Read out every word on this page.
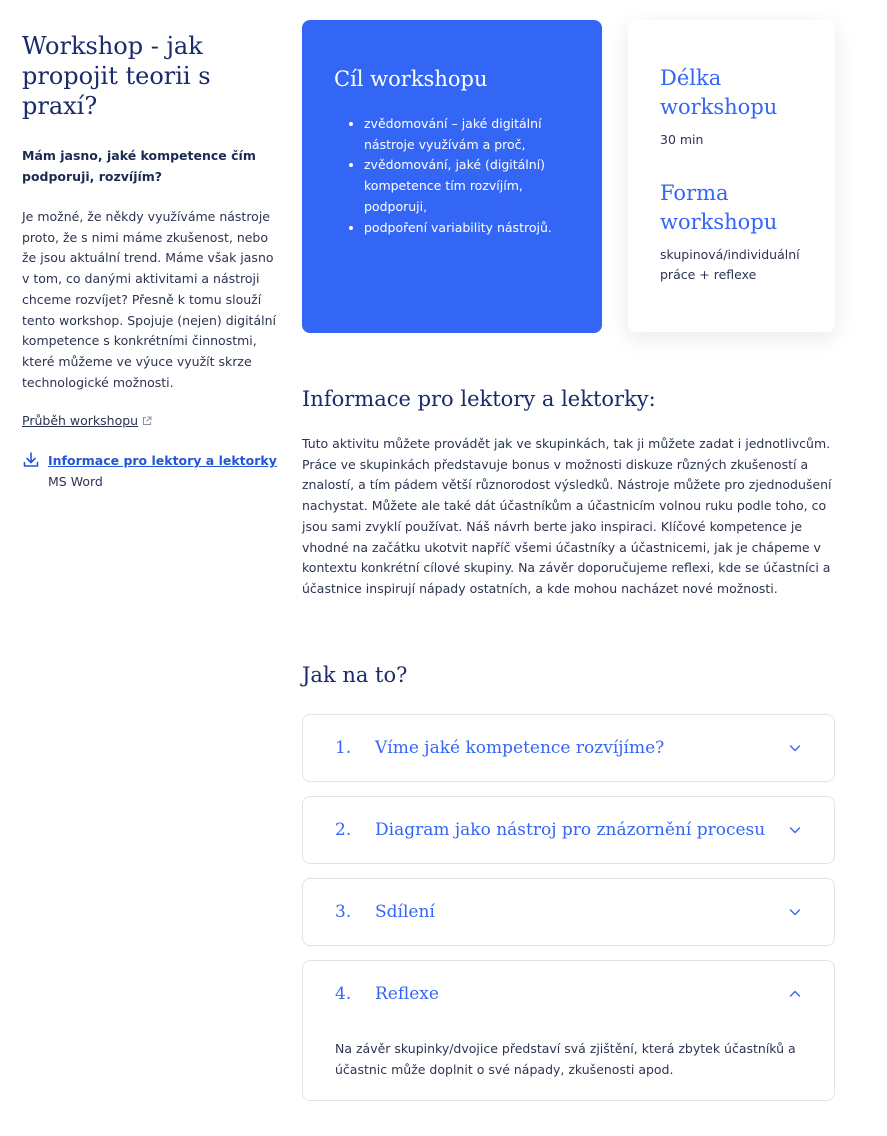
Workshop - jak propojit teorii s praxí?

Mám jasno, jaké kompetence čím podporuji, rozvíjím?

Je možné, že někdy využíváme nástroje proto, že s nimi máme zkušenost, nebo že jsou aktuální trend. Máme však jasno v tom, co danými aktivitami a nástroji chceme rozvíjet? Přesně k tomu slouží tento workshop. Spojuje (nejen) digitální kompetence s konkrétními činnostmi, které můžeme ve výuce využít skrze technologické možnosti.

Průběh workshopu
Informace pro lektory a lektorky
MS Word
Cíl workshopu
• zvědomování – jaké digitální nástroje využívám a proč,
• zvědomování, jaké (digitální) kompetence tím rozvíjím, podporuji,
• podpoření variability nástrojů.
Délka workshopu

30 min

Forma workshopu

skupinová/individuální práce + reflexe

Informace pro lektory a lektorky:

Tuto aktivitu můžete provádět jak ve skupinkách, tak ji můžete zadat i jednotlivcům. Práce ve skupinkách představuje bonus v možnosti diskuze různých zkušeností a znalostí, a tím pádem větší různorodost výsledků. Nástroje můžete pro zjednodušení nachystat. Můžete ale také dát účastníkům a účastnicím volnou ruku podle toho, co jsou sami zvyklí používat. Náš návrh berte jako inspiraci. Klíčové kompetence je vhodné na začátku ukotvit napříč všemi účastníky a účastnicemi, jak je chápeme v kontextu konkrétní cílové skupiny. Na závěr doporučujeme reflexi, kde se účastníci a účastnice inspirují nápady ostatních, a kde mohou nacházet nové možnosti.

Jak na to?
1.	Víme jaké kompetence rozvíjíme?
2.	Diagram jako nástroj pro znázornění procesu
3.	Sdílení
4.	Reflexe
Na závěr skupinky/dvojice představí svá zjištění, která zbytek účastníků a účastnic může doplnit o své nápady, zkušenosti apod.
